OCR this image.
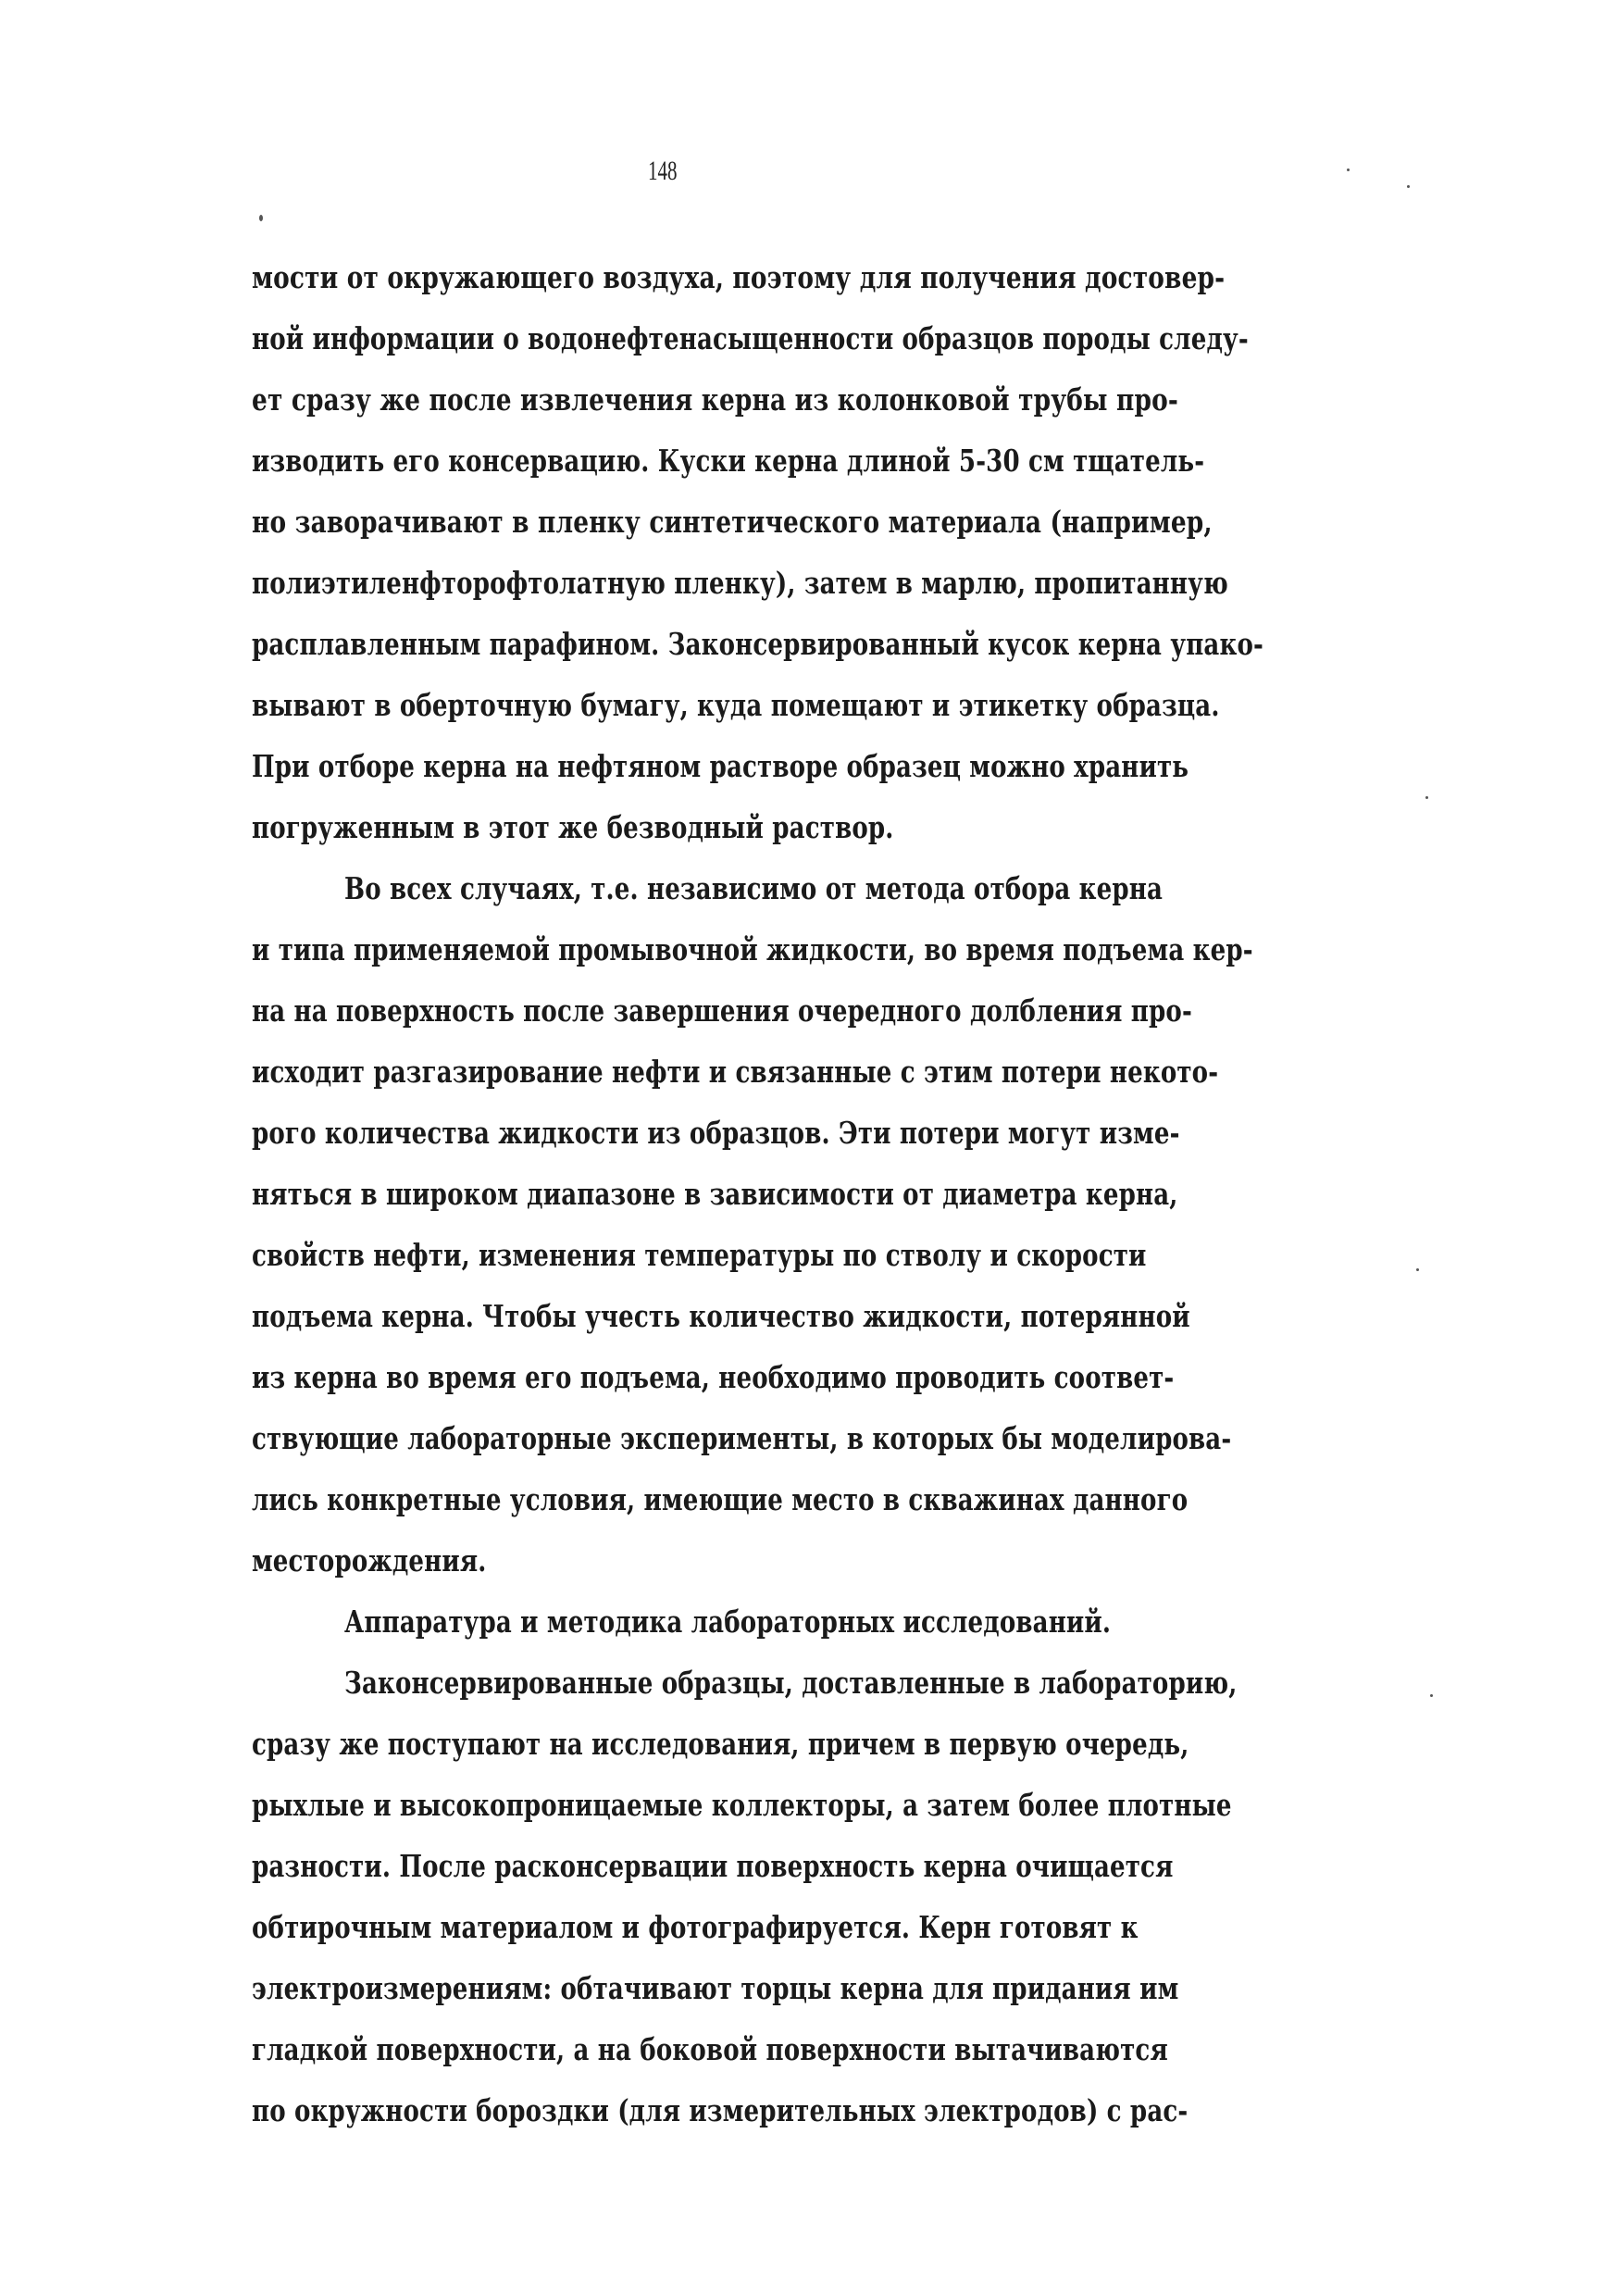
148
мости от окружающего воздуха, поэтому для получения достовер-
ной информации о водонефтенасыщенности образцов породы следу-
ет сразу же после извлечения керна из колонковой трубы про-
изводить его консервацию. Куски керна длиной 5-30 см тщатель-
но заворачивают в пленку синтетического материала (например,
полиэтиленфторофтолатную пленку), затем в марлю, пропитанную
расплавленным парафином. Законсервированный кусок керна упако-
вывают в оберточную бумагу, куда помещают и этикетку образца.
При отборе керна на нефтяном растворе образец можно хранить
погруженным в этот же безводный раствор.
Во всех случаях, т.е. независимо от метода отбора керна
и типа применяемой промывочной жидкости, во время подъема кер-
на на поверхность после завершения очередного долбления про-
исходит разгазирование нефти и связанные с этим потери некото-
рого количества жидкости из образцов. Эти потери могут изме-
няться в широком диапазоне в зависимости от диаметра керна,
свойств нефти, изменения температуры по стволу и скорости
подъема керна. Чтобы учесть количество жидкости, потерянной
из керна во время его подъема, необходимо проводить соответ-
ствующие лабораторные эксперименты, в которых бы моделирова-
лись конкретные условия, имеющие место в скважинах данного
месторождения.
Аппаратура и методика лабораторных исследований.
Законсервированные образцы, доставленные в лабораторию,
сразу же поступают на исследования, причем в первую очередь,
рыхлые и высокопроницаемые коллекторы, а затем более плотные
разности. После расконсервации поверхность керна очищается
обтирочным материалом и фотографируется. Керн готовят к
электроизмерениям: обтачивают торцы керна для придания им
гладкой поверхности, а на боковой поверхности вытачиваются
по окружности бороздки (для измерительных электродов) с рас-
